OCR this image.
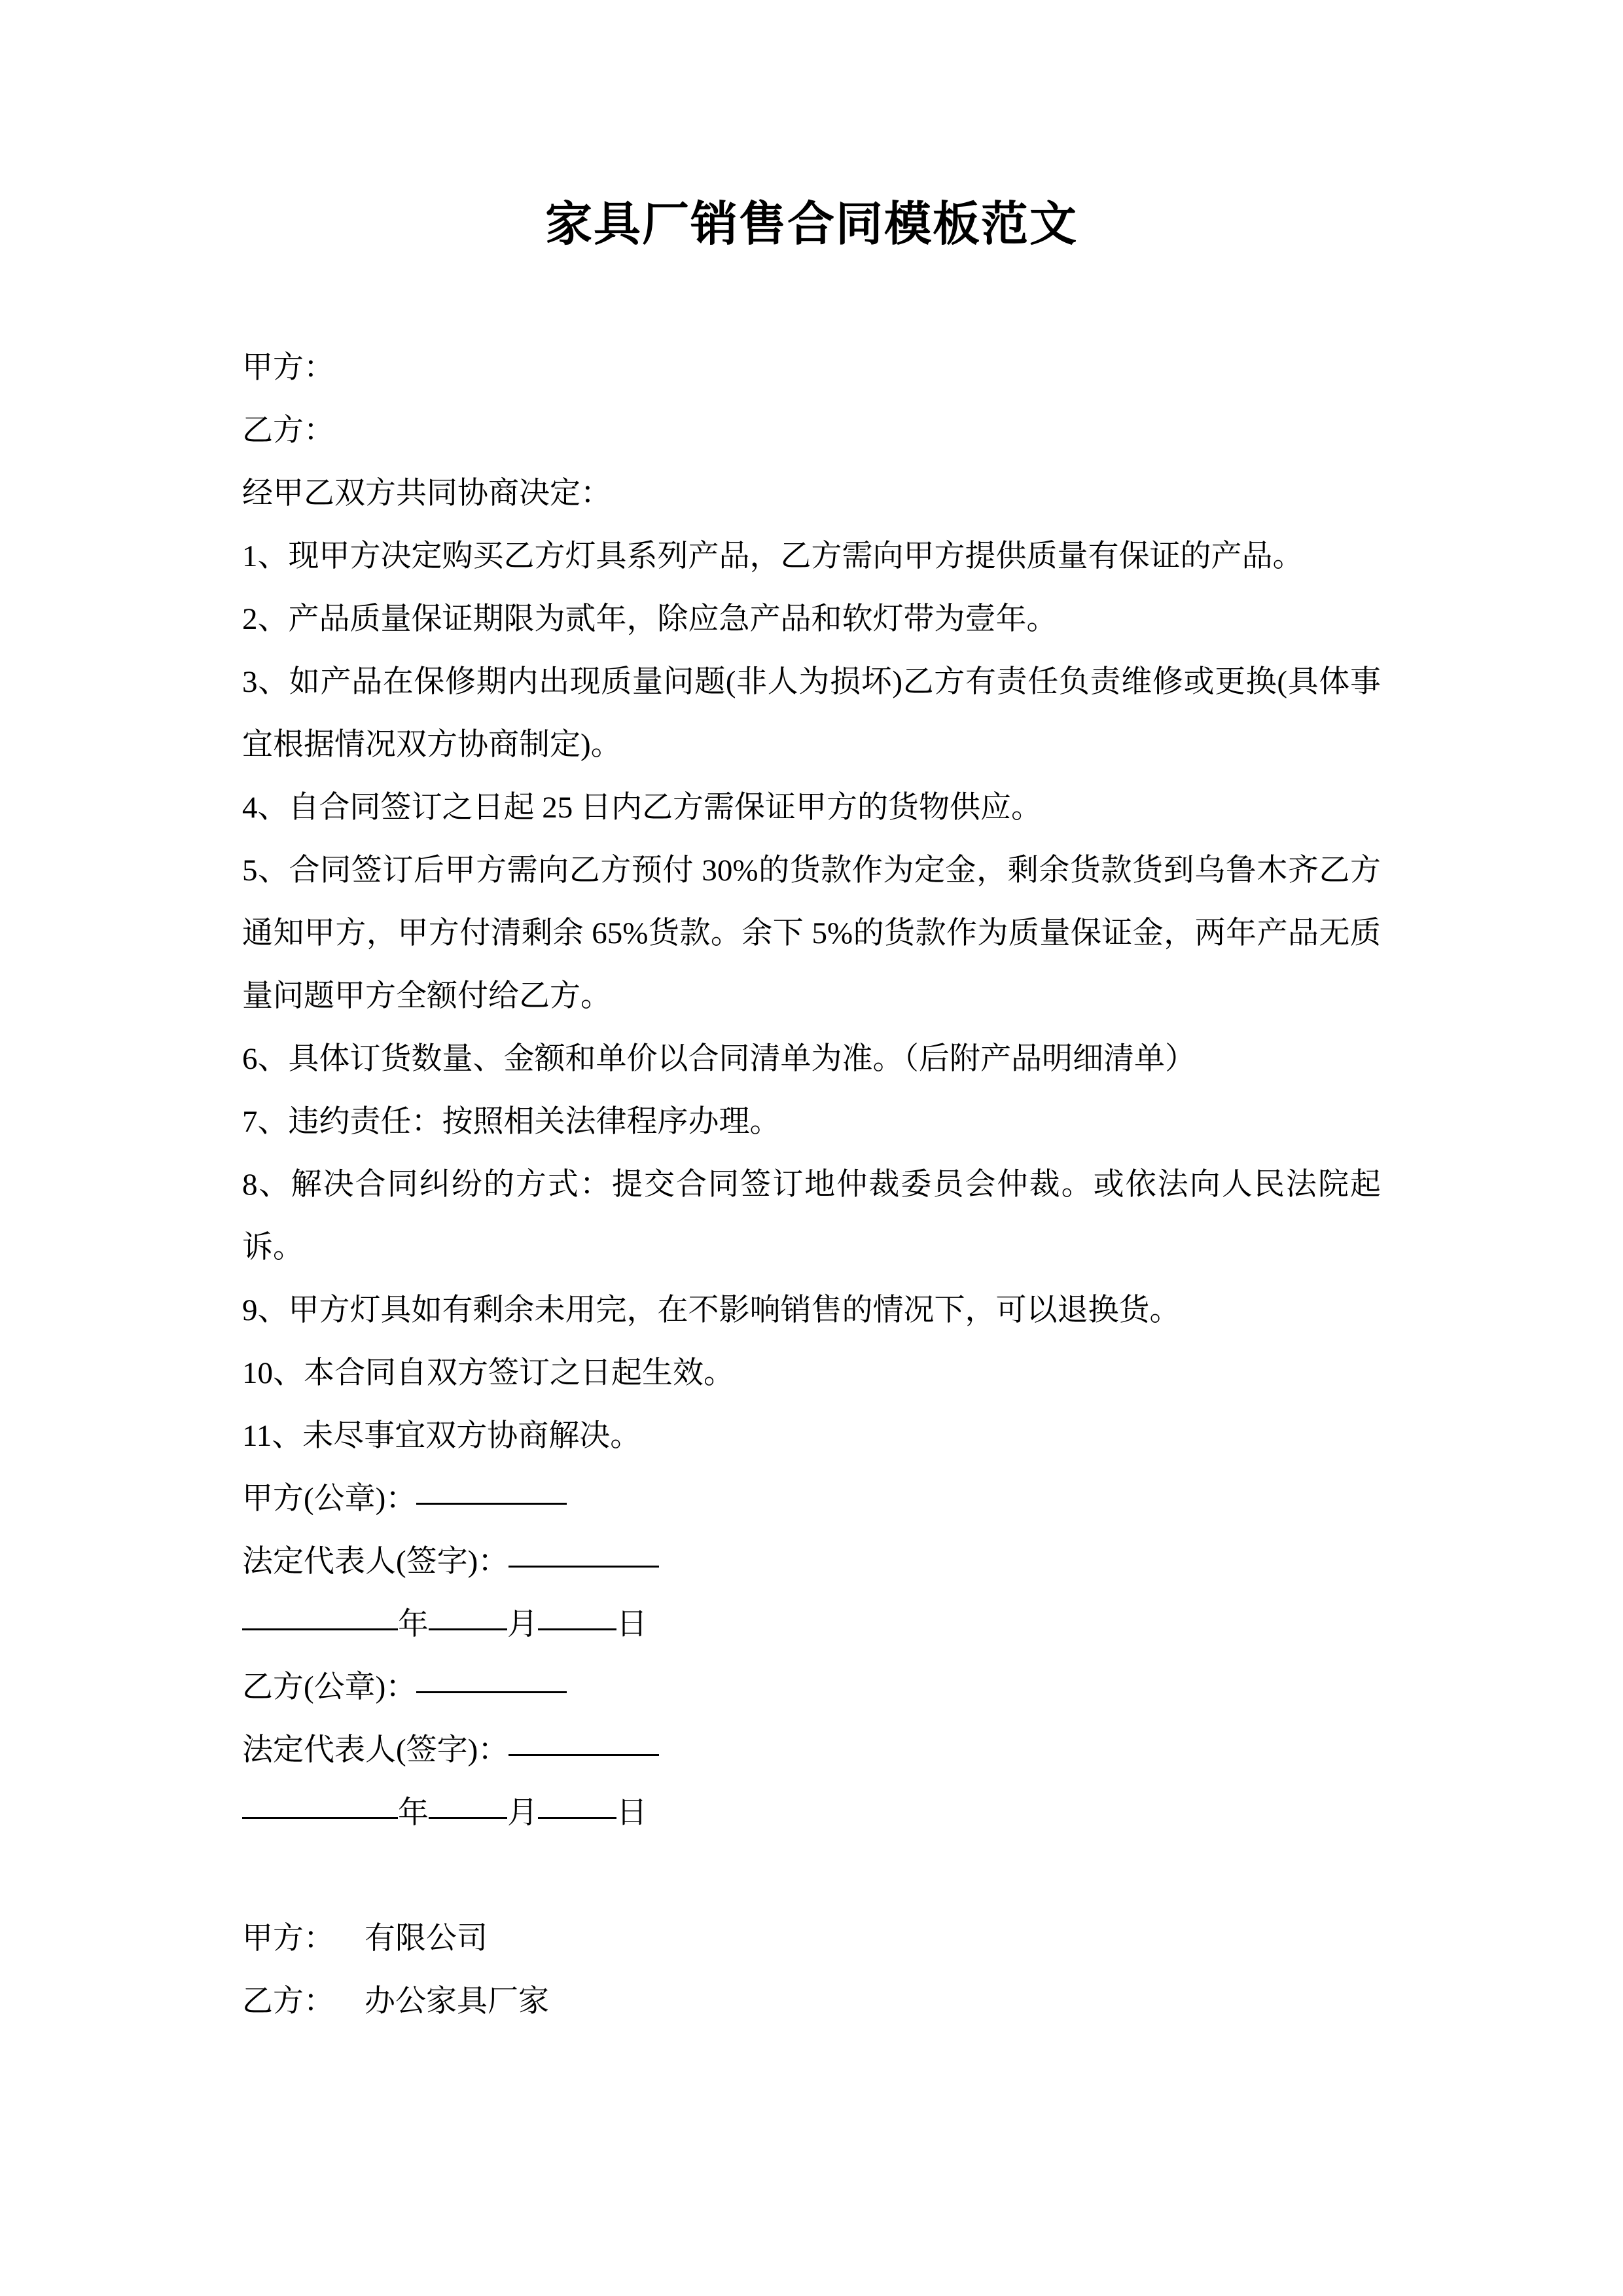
家具厂销售合同模板范文

甲方：

乙方：

经甲乙双方共同协商决定：

1、现甲方决定购买乙方灯具系列产品，乙方需向甲方提供质量有保证的产品。

2、产品质量保证期限为贰年，除应急产品和软灯带为壹年。

3、如产品在保修期内出现质量问题(非人为损坏)乙方有责任负责维修或更换(具体事宜根据情况双方协商制定)。

4、自合同签订之日起 25 日内乙方需保证甲方的货物供应。

5、合同签订后甲方需向乙方预付 30%的货款作为定金，剩余货款货到乌鲁木齐乙方通知甲方，甲方付清剩余 65%货款。余下 5%的货款作为质量保证金，两年产品无质量问题甲方全额付给乙方。

6、具体订货数量、金额和单价以合同清单为准。（后附产品明细清单）

7、违约责任：按照相关法律程序办理。

8、解决合同纠纷的方式：提交合同签订地仲裁委员会仲裁。或依法向人民法院起诉。

9、甲方灯具如有剩余未用完，在不影响销售的情况下，可以退换货。

10、本合同自双方签订之日起生效。

11、未尽事宜双方协商解决。

甲方(公章)：

法定代表人(签字)：

年	月	日

乙方(公章)：

法定代表人(签字)：

年	月	日

甲方： 有限公司

乙方： 办公家具厂家
